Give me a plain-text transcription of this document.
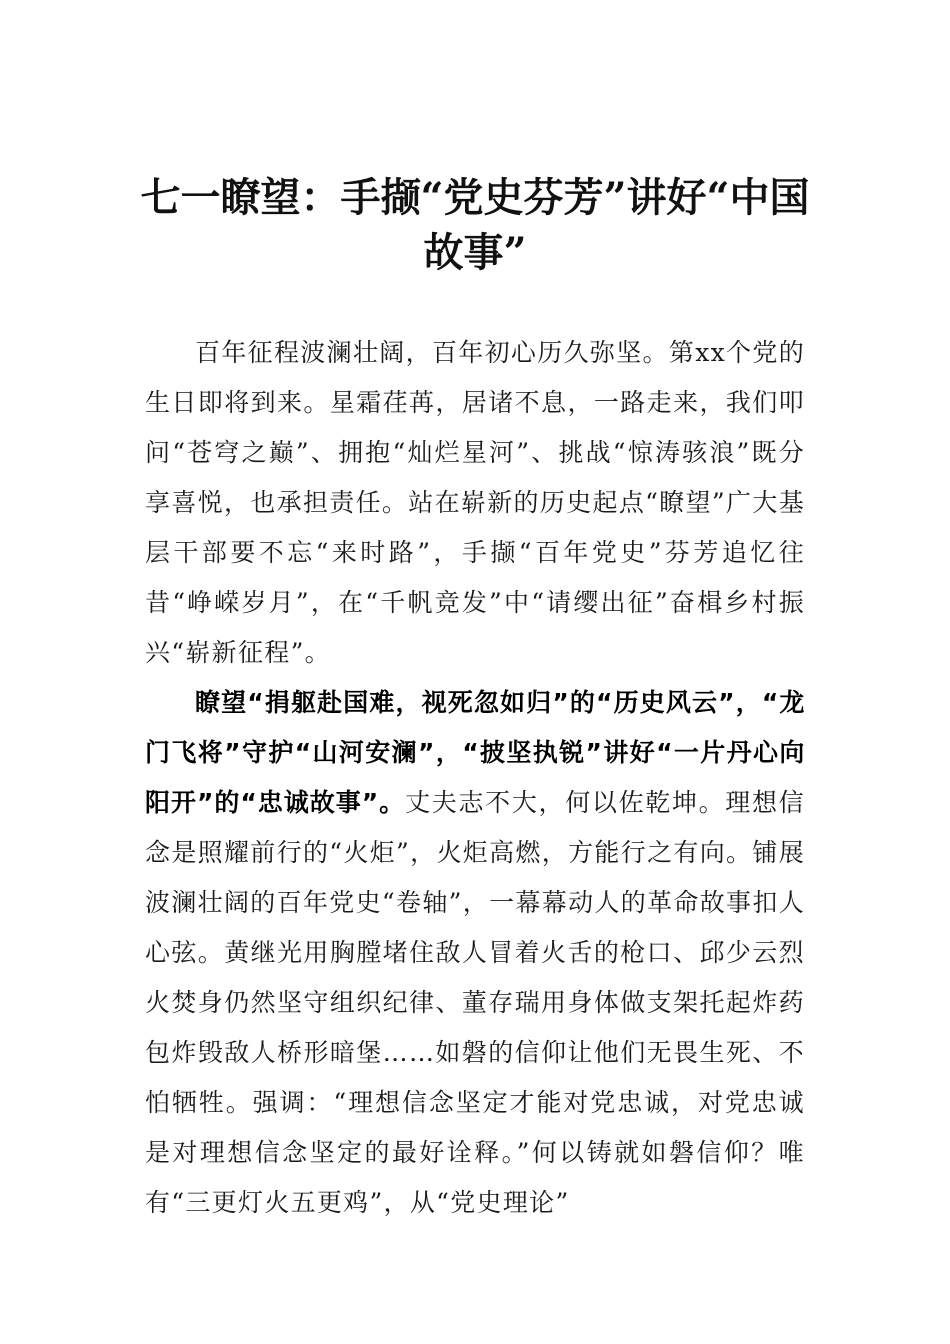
七一瞭望：手撷“党史芬芳”讲好“中国故事”

百年征程波澜壮阔，百年初心历久弥坚。第xx个党的生日即将到来。星霜荏苒，居诸不息，一路走来，我们叩问“苍穹之巅”、拥抱“灿烂星河”、挑战“惊涛骇浪”既分享喜悦，也承担责任。站在崭新的历史起点“瞭望”广大基层干部要不忘“来时路”，手撷“百年党史”芬芳追忆往昔“峥嵘岁月”，在“千帆竞发”中“请缨出征”奋楫乡村振兴“崭新征程”。

瞭望“捐躯赴国难，视死忽如归”的“历史风云”，“龙门飞将”守护“山河安澜”，“披坚执锐”讲好“一片丹心向阳开”的“忠诚故事”。丈夫志不大，何以佐乾坤。理想信念是照耀前行的“火炬”，火炬高燃，方能行之有向。铺展波澜壮阔的百年党史“卷轴”，一幕幕动人的革命故事扣人心弦。黄继光用胸膛堵住敌人冒着火舌的枪口、邱少云烈火焚身仍然坚守组织纪律、董存瑞用身体做支架托起炸药包炸毁敌人桥形暗堡……如磐的信仰让他们无畏生死、不怕牺牲。强调：“理想信念坚定才能对党忠诚，对党忠诚是对理想信念坚定的最好诠释。”何以铸就如磐信仰？唯有“三更灯火五更鸡”，从“党史理论”
